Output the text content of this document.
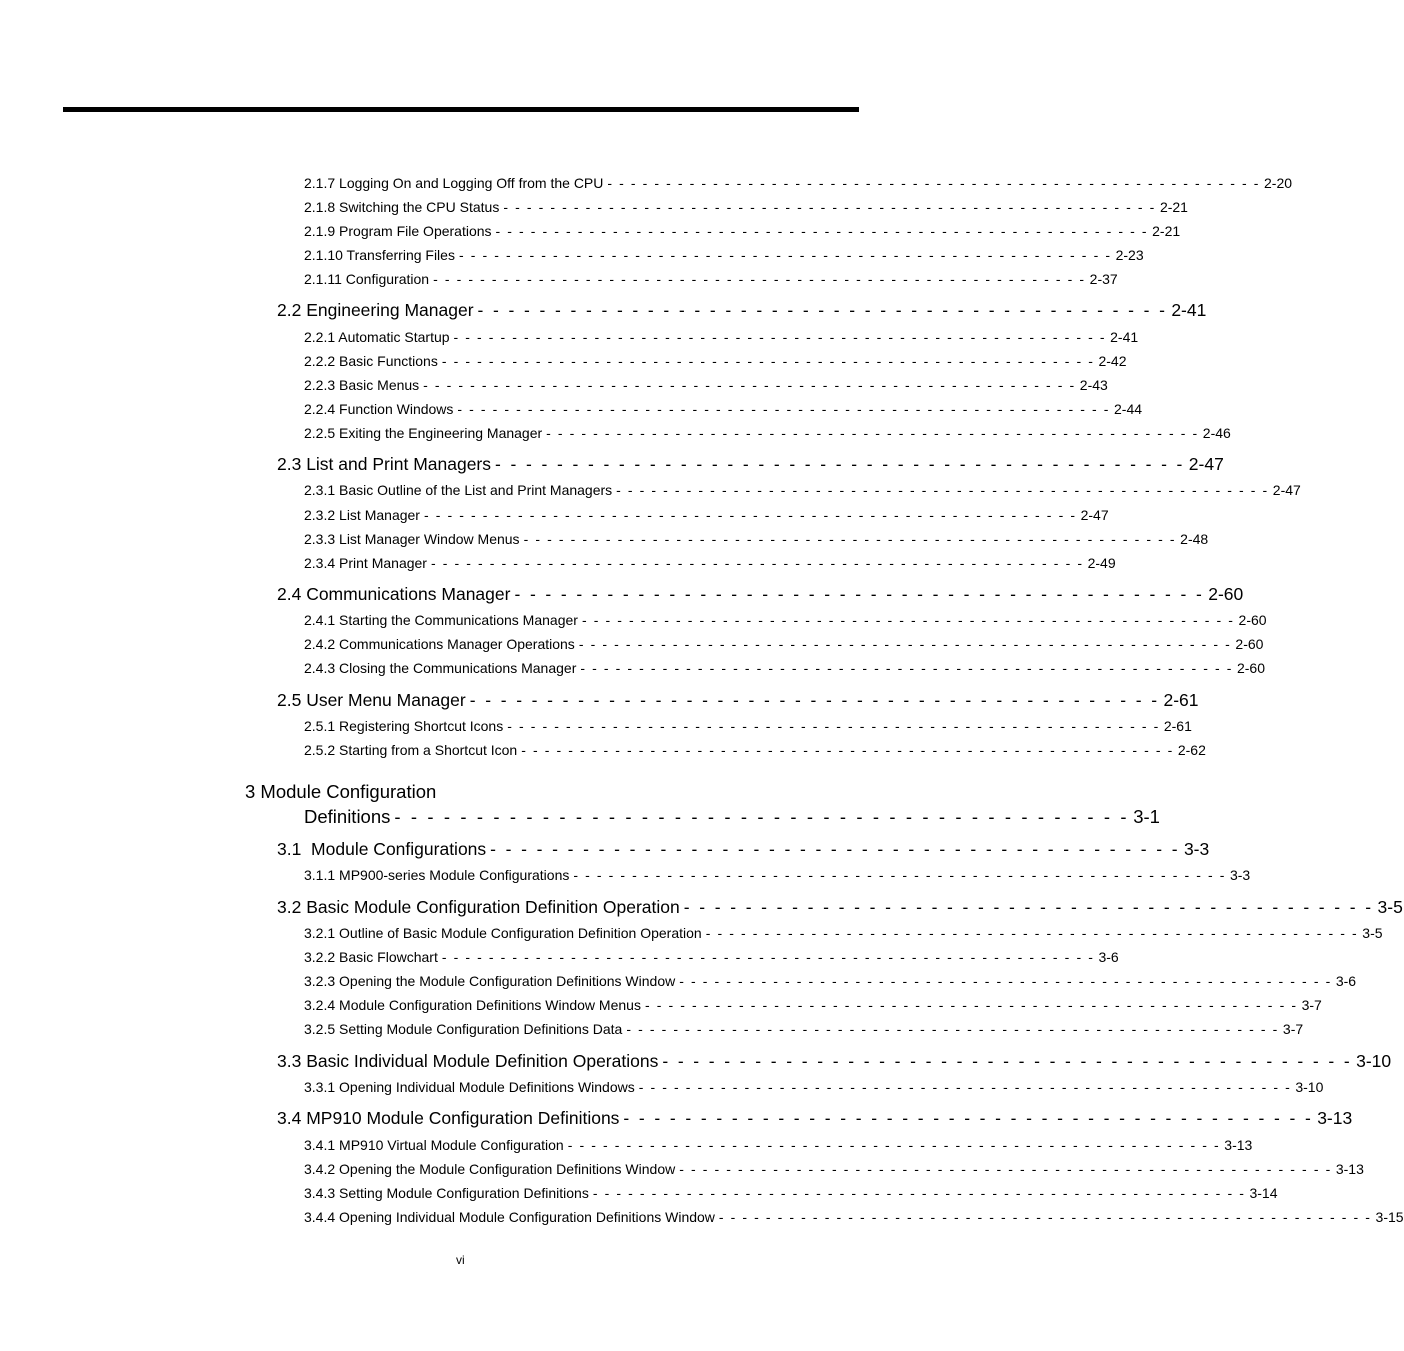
2.1.7 Logging On and Logging Off from the CPU - - - - - - - - - - - - - - - - - - - - - - - - - - - - - - - - - - - - - - - - - - - - - - - - - - - - - - - - 2-20
2.1.8 Switching the CPU Status - - - - - - - - - - - - - - - - - - - - - - - - - - - - - - - - - - - - - - - - - - - - - - - - - - - - - - - - 2-21
2.1.9 Program File Operations - - - - - - - - - - - - - - - - - - - - - - - - - - - - - - - - - - - - - - - - - - - - - - - - - - - - - - - - 2-21
2.1.10 Transferring Files - - - - - - - - - - - - - - - - - - - - - - - - - - - - - - - - - - - - - - - - - - - - - - - - - - - - - - - - 2-23
2.1.11 Configuration - - - - - - - - - - - - - - - - - - - - - - - - - - - - - - - - - - - - - - - - - - - - - - - - - - - - - - - - 2-37
2.2 Engineering Manager - - - - - - - - - - - - - - - - - - - - - - - - - - - - - - - - - - - - - - - - - - - - - 2-41
2.2.1 Automatic Startup - - - - - - - - - - - - - - - - - - - - - - - - - - - - - - - - - - - - - - - - - - - - - - - - - - - - - - - - 2-41
2.2.2 Basic Functions - - - - - - - - - - - - - - - - - - - - - - - - - - - - - - - - - - - - - - - - - - - - - - - - - - - - - - - - 2-42
2.2.3 Basic Menus - - - - - - - - - - - - - - - - - - - - - - - - - - - - - - - - - - - - - - - - - - - - - - - - - - - - - - - - 2-43
2.2.4 Function Windows - - - - - - - - - - - - - - - - - - - - - - - - - - - - - - - - - - - - - - - - - - - - - - - - - - - - - - - - 2-44
2.2.5 Exiting the Engineering Manager - - - - - - - - - - - - - - - - - - - - - - - - - - - - - - - - - - - - - - - - - - - - - - - - - - - - - - - - 2-46
2.3 List and Print Managers - - - - - - - - - - - - - - - - - - - - - - - - - - - - - - - - - - - - - - - - - - - - - 2-47
2.3.1 Basic Outline of the List and Print Managers - - - - - - - - - - - - - - - - - - - - - - - - - - - - - - - - - - - - - - - - - - - - - - - - - - - - - - - - 2-47
2.3.2 List Manager - - - - - - - - - - - - - - - - - - - - - - - - - - - - - - - - - - - - - - - - - - - - - - - - - - - - - - - - 2-47
2.3.3 List Manager Window Menus - - - - - - - - - - - - - - - - - - - - - - - - - - - - - - - - - - - - - - - - - - - - - - - - - - - - - - - - 2-48
2.3.4 Print Manager - - - - - - - - - - - - - - - - - - - - - - - - - - - - - - - - - - - - - - - - - - - - - - - - - - - - - - - - 2-49
2.4 Communications Manager - - - - - - - - - - - - - - - - - - - - - - - - - - - - - - - - - - - - - - - - - - - - - 2-60
2.4.1 Starting the Communications Manager - - - - - - - - - - - - - - - - - - - - - - - - - - - - - - - - - - - - - - - - - - - - - - - - - - - - - - - - 2-60
2.4.2 Communications Manager Operations - - - - - - - - - - - - - - - - - - - - - - - - - - - - - - - - - - - - - - - - - - - - - - - - - - - - - - - - 2-60
2.4.3 Closing the Communications Manager - - - - - - - - - - - - - - - - - - - - - - - - - - - - - - - - - - - - - - - - - - - - - - - - - - - - - - - - 2-60
2.5 User Menu Manager - - - - - - - - - - - - - - - - - - - - - - - - - - - - - - - - - - - - - - - - - - - - - 2-61
2.5.1 Registering Shortcut Icons - - - - - - - - - - - - - - - - - - - - - - - - - - - - - - - - - - - - - - - - - - - - - - - - - - - - - - - - 2-61
2.5.2 Starting from a Shortcut Icon - - - - - - - - - - - - - - - - - - - - - - - - - - - - - - - - - - - - - - - - - - - - - - - - - - - - - - - - 2-62
3 Module Configuration
Definitions - - - - - - - - - - - - - - - - - - - - - - - - - - - - - - - - - - - - - - - - - - - - - 3-1
3.1  Module Configurations - - - - - - - - - - - - - - - - - - - - - - - - - - - - - - - - - - - - - - - - - - - - - 3-3
3.1.1 MP900-series Module Configurations - - - - - - - - - - - - - - - - - - - - - - - - - - - - - - - - - - - - - - - - - - - - - - - - - - - - - - - - 3-3
3.2 Basic Module Configuration Definition Operation - - - - - - - - - - - - - - - - - - - - - - - - - - - - - - - - - - - - - - - - - - - - - 3-5
3.2.1 Outline of Basic Module Configuration Definition Operation - - - - - - - - - - - - - - - - - - - - - - - - - - - - - - - - - - - - - - - - - - - - - - - - - - - - - - - - 3-5
3.2.2 Basic Flowchart - - - - - - - - - - - - - - - - - - - - - - - - - - - - - - - - - - - - - - - - - - - - - - - - - - - - - - - - 3-6
3.2.3 Opening the Module Configuration Definitions Window - - - - - - - - - - - - - - - - - - - - - - - - - - - - - - - - - - - - - - - - - - - - - - - - - - - - - - - - 3-6
3.2.4 Module Configuration Definitions Window Menus - - - - - - - - - - - - - - - - - - - - - - - - - - - - - - - - - - - - - - - - - - - - - - - - - - - - - - - - 3-7
3.2.5 Setting Module Configuration Definitions Data - - - - - - - - - - - - - - - - - - - - - - - - - - - - - - - - - - - - - - - - - - - - - - - - - - - - - - - - 3-7
3.3 Basic Individual Module Definition Operations - - - - - - - - - - - - - - - - - - - - - - - - - - - - - - - - - - - - - - - - - - - - - 3-10
3.3.1 Opening Individual Module Definitions Windows - - - - - - - - - - - - - - - - - - - - - - - - - - - - - - - - - - - - - - - - - - - - - - - - - - - - - - - - 3-10
3.4 MP910 Module Configuration Definitions - - - - - - - - - - - - - - - - - - - - - - - - - - - - - - - - - - - - - - - - - - - - - 3-13
3.4.1 MP910 Virtual Module Configuration - - - - - - - - - - - - - - - - - - - - - - - - - - - - - - - - - - - - - - - - - - - - - - - - - - - - - - - - 3-13
3.4.2 Opening the Module Configuration Definitions Window - - - - - - - - - - - - - - - - - - - - - - - - - - - - - - - - - - - - - - - - - - - - - - - - - - - - - - - - 3-13
3.4.3 Setting Module Configuration Definitions - - - - - - - - - - - - - - - - - - - - - - - - - - - - - - - - - - - - - - - - - - - - - - - - - - - - - - - - 3-14
3.4.4 Opening Individual Module Configuration Definitions Window - - - - - - - - - - - - - - - - - - - - - - - - - - - - - - - - - - - - - - - - - - - - - - - - - - - - - - - - 3-15
vi
